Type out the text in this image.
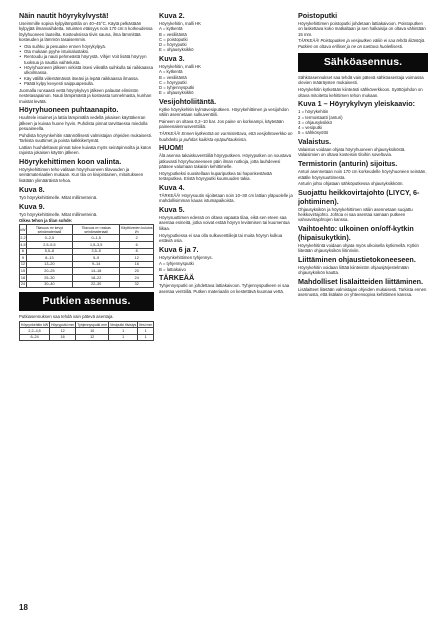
Näin nautit höyrykylvystä!

Useimmille sopiva kylpylämpötila on 40–45°C. Käytä pelkästään kylpyjää ilmanvaihdetta. Istuinten etäisyys noin 170 cm:n korkeudessa löylyhuoneen lauteilta. Kosteuksissa tiivis sauna, ilma lämmittää kosteuden ja lämmön tasaisemmin.

• Ota suihku ja pesuaine ennen höyrykylpyä.
• Ota mukaan pyyhe istuinalustaksi.
• Rentoudu ja nauti pehmeästä höyrystä. Vihje! Voit lisätä höyryyn tuoksua ja nauttia vaihtelusta.
• Höyryhuoneen jälkeen virkistä itsesi viileällä suihkulla tai raikkaassa ulkoilmassa.
• Käy välillä viilentämässä itseäsi ja lepää raikkaassa ilmassa.
• Päätä kylpy kevyesti saippuapesulla.

Juomalla runsaasti vettä höyrykylvyn jälkeen palautat elimistön nestetasapainon. Nauti lämpimästä ja kosteasta tunnelmasta, kunhan muistat levätä.

Höyryhuoneen puhtaanapito.

Huuhtele istuimet ja lattia lämpimällä vedellä jokaisen käyttökerran jälkeen ja kuivaa huone hyvin. Puhdista pinnat tarvittaessa miedolla pesuaineella.

Puhdista höyrynkehitin säännöllisesti valmistajan ohjeiden mukaisesti. Tarkista suuttimet ja poista kalkkikertymät.

Lattian huuhdeltavat pinnat tulee kuivata myös seinäpinnoilta ja katon rajoista jokaisen käytön jälkeen.

Höyrykehittimen koon valinta.

Höyrykehittimen teho valitaan höyryhuoneen tilavuuden ja seinämateriaalien mukaan. Kun tila on kivipintainen, mitoitukseen lisätään ylimääräistä tehoa.

Kuva 8.

Työ höyrykehittimelle. Mitat millimetreinä.

Kuva 9.

Työ höyrykehittimelle. Mitat millimetreinä.

Oikea tehon ja tilan suhde:
kW	Tilavuus m³ kevyt seinämateriaali	Tilavuus m³ raskas seinämateriaali	Käyttöveden kulutus l/h
2,2	0–2,5	0–1,5	2
4,5	2,5–5,5	1,5–3,5	6
6	5,5–8	3,5–5	8
9	8–13	5–9	12
12	13–20	9–14	16
15	20–25	14–18	20
18	25–30	18–22	24
24	30–40	22–30	32
Putkien asennus.

Putkiasennuksen saa tehdä vain pätevä asentaja.

Höyrynkehitin kW	Höyryputki mm	Tyhjennysputki mm	Vesiputki tiivistys	Vesi mm
2,2–4,5	12	10	1	1
6–24	16	12	1	1
Kuva 2.
Höyrykehitin, malli HK
A = kytkentä
B = vesiliitäntä
C = poistoputki
D = höyryputki
E = ohjausyksikkö
Kuva 3.
Höyrykehitin, malli HK
A = kytkentä
B = vesiliitäntä
C = höyryputki
D = tyhjennysputki
E = ohjausyksikkö
Vesijohtoliitäntä.

Kytke höyrykehitin kylmävesiputkeen. Höyrykehittimen ja vesijohdon väliin asennetaan sulkuventtiili.

Paineen on oltava 0,2–10 bar. Jos paine on korkeampi, käytetään paineenalennusventtiiliä.

TÄRKEÄÄ! Ennen kytkentää on varmistettava, että vesijohtoverkko on huuhdeltu ja puhdas kaikista epäpuhtauksista.

HUOM!

Älä asenna takaiskuventtiiliä höyryputkeen. Höyryputken on noustava jatkuvasti höyryhuoneeseen päin ilman notkoja, jotta lauhdevesi pääsee valumaan takaisin kehittimelle.

Höyryputkeksi suositellaan kupariputkea tai haponkestävää teräsputkea. Eristä höyryputki kuumuuden takia.

Kuva 4.

TÄRKEÄÄ! Höyrysuutin sijoitetaan noin 10–30 cm lattian yläpuolelle ja mahdollisimman kauas istumapaikoista.

Kuva 5.

Höyrysuuttimen edessä on oltava vapaata tilaa, eikä sen eteen saa asentaa esineitä, jotka voivat estää höyryn leviämisen tai kuumentua liikaa.

Höyryputkessa ei saa olla sulkuventtiilejä tai muita höyryn kulkua estäviä osia.

Kuva 6 ja 7.

Höyrynkehittimen tyhjennys.

A = tyhjennysputki
B = lattiakaivo
TÄRKEÄÄ

Tyhjennysputki on johdettava lattiakaivoon. Tyhjennysputkeen ei saa asentaa venttiiliä. Putken materiaalin on kestettävä kuumaa vettä.

Poistoputki

Höyrykehittimen poistoputki johdetaan lattiakaivoon. Poistoputken on laskettava koko matkaltaan ja sen halkaisija on oltava vähintään 15 mm.

TÄRKEÄÄ! Poistoputken ja vesiputken väliin ei saa tehdä liitäntöjä. Putkien on oltava erilliset ja ne on tuettava huolellisesti.

Sähköasennus.

Sähköasennukset saa tehdä vain pätevä sähköasentaja voimassa olevien määräysten mukaisesti.

Höyrykehitin kytketään kiinteästi sähköverkkoon. Syöttöjohdon on oltava mitoitettu kehittimen tehon mukaan.

Kuva 1 – Höyrykylvyn yleiskaavio:
1 = höyrykehitin
2 = termostaatti (anturi)
3 = ohjausyksikkö
4 = vesiputki
5 = sähkösyöttö
Valaistus.

Valaistus voidaan ohjata höyryhuoneen ohjausyksiköstä. Valaisimien on oltava kosteisiin tiloihin soveltuvia.

Termistorin (anturin) sijoitus.

Anturi asennetaan noin 170 cm korkeudelle höyryhuoneen seinään, etäälle höyrysuuttimesta.

Anturin johto ohjataan sähköputkessa ohjausyksikköön.

Suojattu heikkovirtajohto (LIYCY, 6-johtiminen).

Ohjausyksikön ja höyrykehittimen väliin asennetaan suojattu heikkovirtajohto. Johtoa ei saa asentaa samaan putkeen vahvavirtajohtojen kanssa.

Vaihtoehto: ulkoinen on/off-kytkin (hipaisukytkin).

Höyrykehitintä voidaan ohjata myös ulkoisella kytkimellä. Kytkin liitetään ohjausyksikön liitinriviin.

Liittäminen ohjaustietokoneeseen.

Höyrykehitin voidaan liittää kiinteistön ohjausjärjestelmään ohjausyksikön kautta.

Mahdolliset lisälaitteiden liittäminen.

Lisälaitteet liitetään valmistajan ohjeiden mukaisesti. Tarkista ennen asennusta, että lisälaite on yhteensopiva kehittimen kanssa.

18
